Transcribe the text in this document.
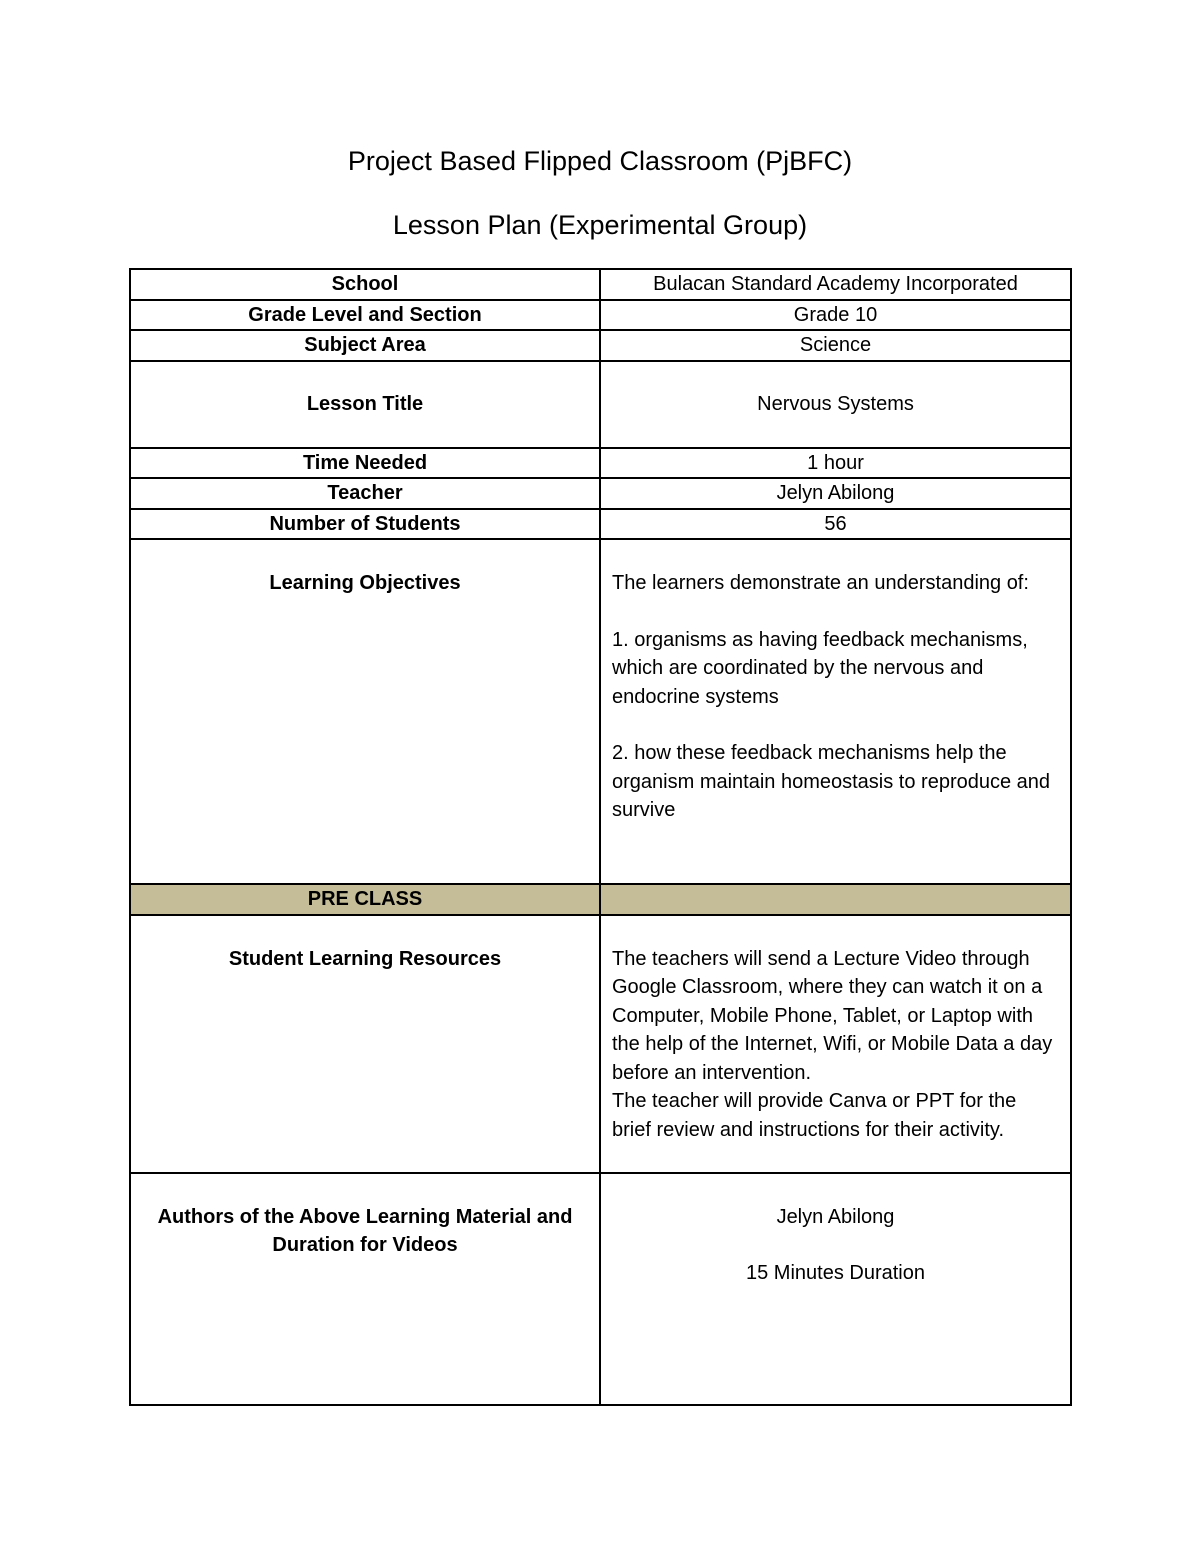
Project Based Flipped Classroom (PjBFC)
Lesson Plan (Experimental Group)
School	Bulacan Standard Academy Incorporated
Grade Level and Section	Grade 10
Subject Area	Science
Lesson Title	Nervous Systems
Time Needed	1 hour
Teacher	Jelyn Abilong
Number of Students	56
Learning Objectives	The learners demonstrate an understanding of:
1. organisms as having feedback mechanisms, which are coordinated by the nervous and endocrine systems
2. how these feedback mechanisms help the organism maintain homeostasis to reproduce and survive

PRE CLASS	
Student Learning Resources	The teachers will send a Lecture Video through Google Classroom, where they can watch it on a Computer, Mobile Phone, Tablet, or Laptop with the help of the Internet, Wifi, or Mobile Data a day before an intervention.
The teacher will provide Canva or PPT for the brief review and instructions for their activity.

Authors of the Above Learning Material and Duration for Videos	Jelyn Abilong
15 Minutes Duration
